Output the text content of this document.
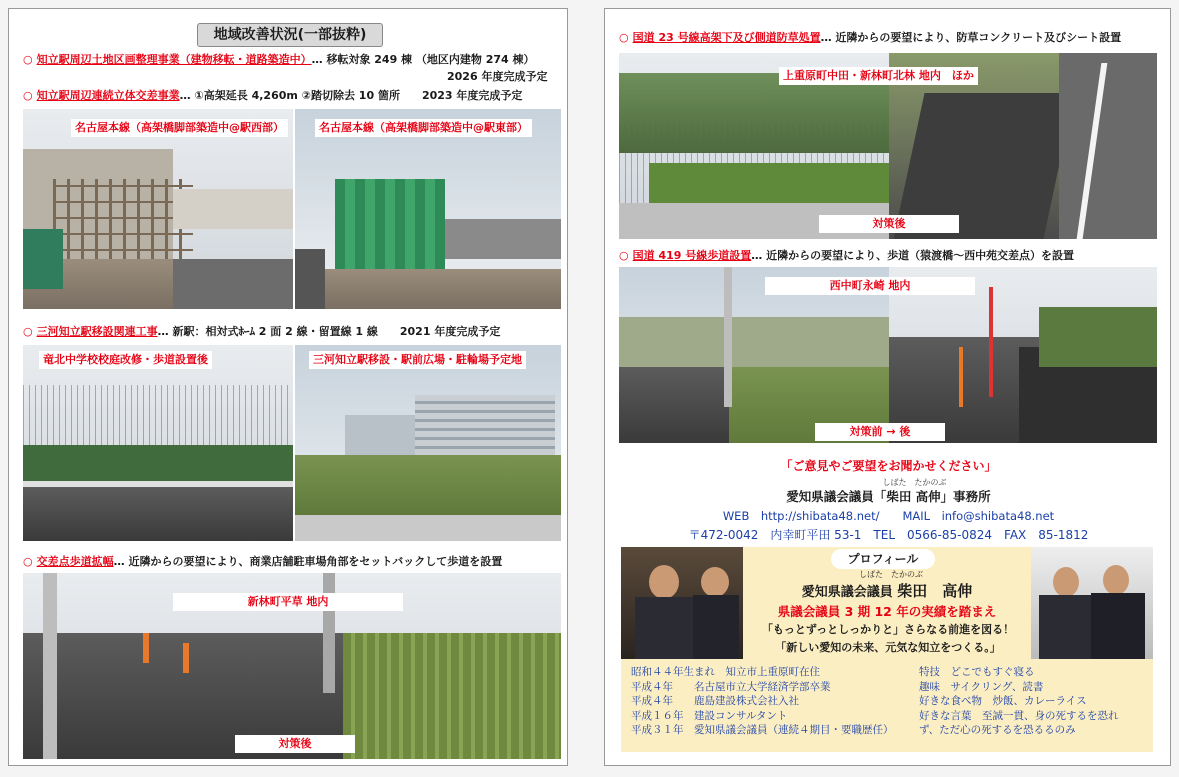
地域改善状況(一部抜粋)
○ 知立駅周辺土地区画整理事業（建物移転・道路築造中）… 移転対象 249 棟 （地区内建物 274 棟）
2026 年度完成予定
○ 知立駅周辺連続立体交差事業… ①高架延長 4,260m ②踏切除去 10 箇所　　2023 年度完成予定
名古屋本線（高架橋脚部築造中@駅西部）	名古屋本線（高架橋脚部築造中@駅東部）
○ 三河知立駅移設関連工事… 新駅：相対式ﾎｰﾑ 2 面 2 線・留置線 1 線　　2021 年度完成予定
竜北中学校校庭改修・歩道設置後	三河知立駅移設・駅前広場・駐輪場予定地
○ 交差点歩道拡幅… 近隣からの要望により、商業店舗駐車場角部をセットバックして歩道を設置
新林町平草 地内
対策後
○ 国道 23 号線高架下及び側道防草処置… 近隣からの要望により、防草コンクリート及びシート設置
上重原町中田・新林町北林 地内　ほか
対策後
○ 国道 419 号線歩道設置… 近隣からの要望により、歩道（猿渡橋～西中苑交差点）を設置
西中町永崎 地内
対策前 → 後
「ご意見やご要望をお聞かせください」
しばた　たかのぶ
愛知県議会議員「柴田 高伸」事務所
WEB　http://shibata48.net/　　MAIL　info@shibata48.net
〒472-0042　内幸町平田 53-1　TEL　0566-85-0824　FAX　85-1812
プロフィール
しばた　たかのぶ
愛知県議会議員 柴田　高伸
県議会議員 3 期 12 年の実績を踏まえ
「もっとずっとしっかりと」さらなる前進を図る！
「新しい愛知の未来、元気な知立をつくる。」
昭和４４年生まれ　知立市上重原町在住
平成４年　　名古屋市立大学経済学部卒業
平成４年　　鹿島建設株式会社入社
平成１６年　建設コンサルタント
平成３１年　愛知県議会議員（連続４期目・要職歴任）
特技　どこでもすぐ寝る
趣味　サイクリング、読書
好きな食べ物　炒飯、カレーライス
好きな言葉　至誠一貫、身の死するを恐れ
ず、ただ心の死するを恐るるのみ
